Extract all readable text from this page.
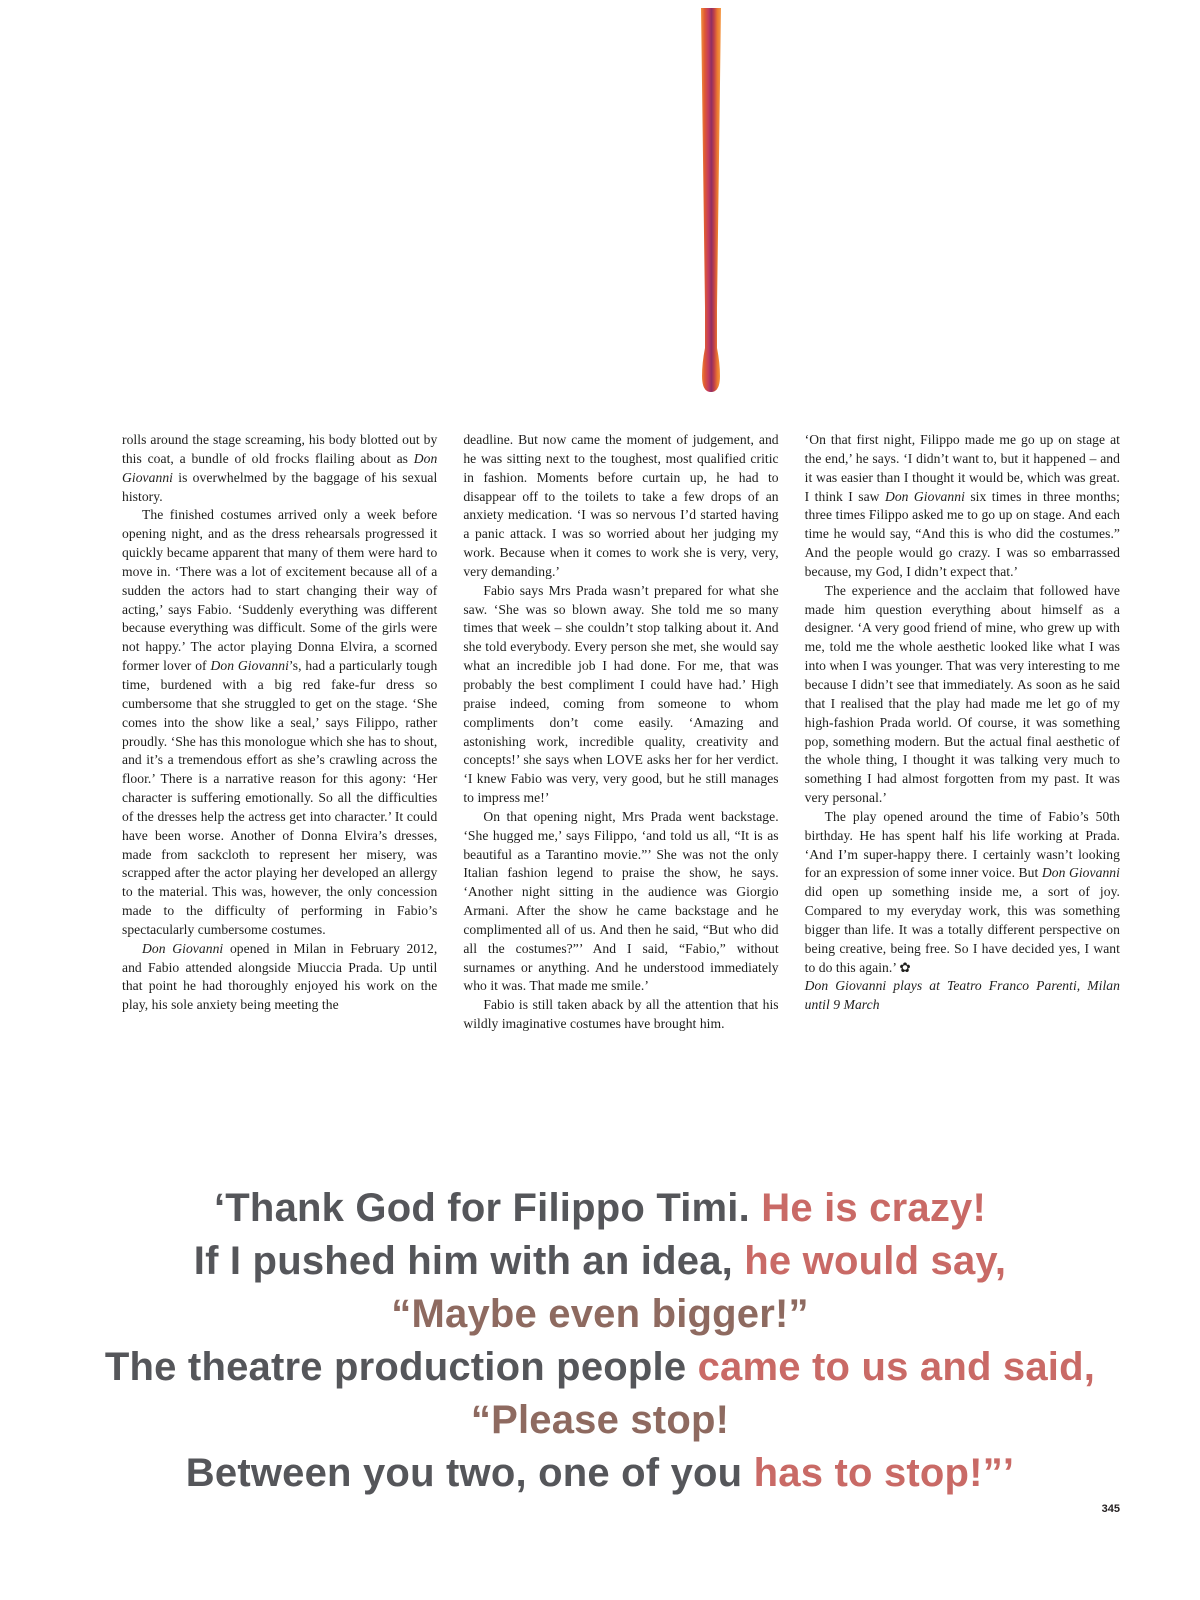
rolls around the stage screaming, his body blotted out by this coat, a bundle of old frocks flailing about as Don Giovanni is overwhelmed by the baggage of his sexual history.

The finished costumes arrived only a week before opening night, and as the dress rehearsals progressed it quickly became apparent that many of them were hard to move in. ‘There was a lot of excitement because all of a sudden the actors had to start changing their way of acting,’ says Fabio. ‘Suddenly everything was different because everything was difficult. Some of the girls were not happy.’ The actor playing Donna Elvira, a scorned former lover of Don Giovanni’s, had a particularly tough time, burdened with a big red fake-fur dress so cumbersome that she struggled to get on the stage. ‘She comes into the show like a seal,’ says Filippo, rather proudly. ‘She has this monologue which she has to shout, and it’s a tremendous effort as she’s crawling across the floor.’ There is a narrative reason for this agony: ‘Her character is suffering emotionally. So all the difficulties of the dresses help the actress get into character.’ It could have been worse. Another of Donna Elvira’s dresses, made from sackcloth to represent her misery, was scrapped after the actor playing her developed an allergy to the material. This was, however, the only concession made to the difficulty of performing in Fabio’s spectacularly cumbersome costumes.

Don Giovanni opened in Milan in February 2012, and Fabio attended alongside Miuccia Prada. Up until that point he had thoroughly enjoyed his work on the play, his sole anxiety being meeting the

deadline. But now came the moment of judgement, and he was sitting next to the toughest, most qualified critic in fashion. Moments before curtain up, he had to disappear off to the toilets to take a few drops of an anxiety medication. ‘I was so nervous I’d started having a panic attack. I was so worried about her judging my work. Because when it comes to work she is very, very, very demanding.’

Fabio says Mrs Prada wasn’t prepared for what she saw. ‘She was so blown away. She told me so many times that week – she couldn’t stop talking about it. And she told everybody. Every person she met, she would say what an incredible job I had done. For me, that was probably the best compliment I could have had.’ High praise indeed, coming from someone to whom compliments don’t come easily. ‘Amazing and astonishing work, incredible quality, creativity and concepts!’ she says when LOVE asks her for her verdict. ‘I knew Fabio was very, very good, but he still manages to impress me!’

On that opening night, Mrs Prada went backstage. ‘She hugged me,’ says Filippo, ‘and told us all, “It is as beautiful as a Tarantino movie.”’ She was not the only Italian fashion legend to praise the show, he says. ‘Another night sitting in the audience was Giorgio Armani. After the show he came backstage and he complimented all of us. And then he said, “But who did all the costumes?”’ And I said, “Fabio,” without surnames or anything. And he understood immediately who it was. That made me smile.’

Fabio is still taken aback by all the attention that his wildly imaginative costumes have brought him.

‘On that first night, Filippo made me go up on stage at the end,’ he says. ‘I didn’t want to, but it happened – and it was easier than I thought it would be, which was great. I think I saw Don Giovanni six times in three months; three times Filippo asked me to go up on stage. And each time he would say, “And this is who did the costumes.” And the people would go crazy. I was so embarrassed because, my God, I didn’t expect that.’

The experience and the acclaim that followed have made him question everything about himself as a designer. ‘A very good friend of mine, who grew up with me, told me the whole aesthetic looked like what I was into when I was younger. That was very interesting to me because I didn’t see that immediately. As soon as he said that I realised that the play had made me let go of my high-fashion Prada world. Of course, it was something pop, something modern. But the actual final aesthetic of the whole thing, I thought it was talking very much to something I had almost forgotten from my past. It was very personal.’

The play opened around the time of Fabio’s 50th birthday. He has spent half his life working at Prada. ‘And I’m super-happy there. I certainly wasn’t looking for an expression of some inner voice. But Don Giovanni did open up something inside me, a sort of joy. Compared to my everyday work, this was something bigger than life. It was a totally different perspective on being creative, being free. So I have decided yes, I want to do this again.’ ✿

Don Giovanni plays at Teatro Franco Parenti, Milan until 9 March

‘Thank God for Filippo Timi. He is crazy!
If I pushed him with an idea, he would say,
“Maybe even bigger!”
The theatre production people came to us and said,
“Please stop!
Between you two, one of you has to stop!”’
345
